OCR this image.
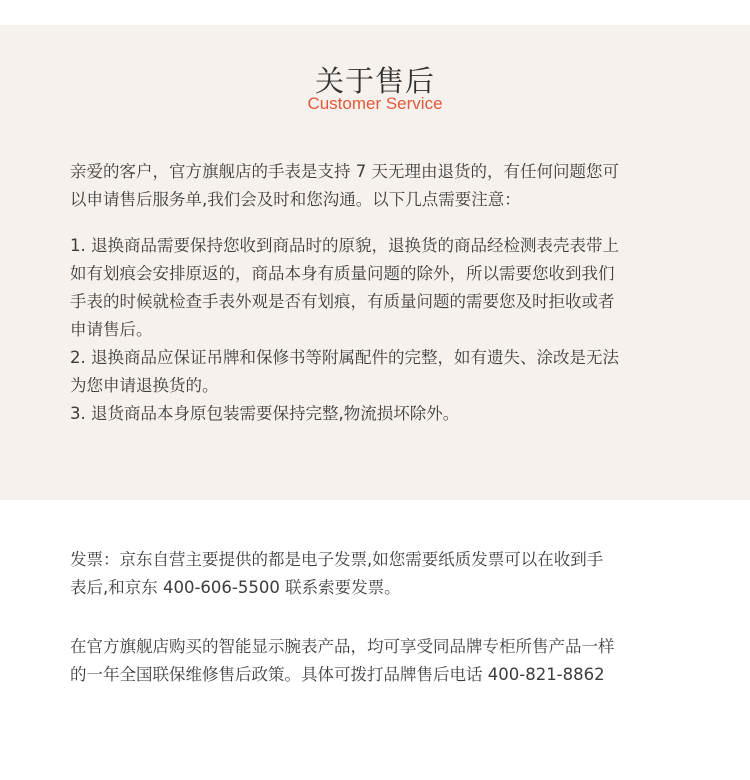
关于售后
Customer Service

亲爱的客户，官方旗舰店的手表是支持 7 天无理由退货的，有任何问题您可
以申请售后服务单,我们会及时和您沟通。以下几点需要注意：

1. 退换商品需要保持您收到商品时的原貌，退换货的商品经检测表壳表带上
如有划痕会安排原返的，商品本身有质量问题的除外，所以需要您收到我们
手表的时候就检查手表外观是否有划痕，有质量问题的需要您及时拒收或者
申请售后。
2. 退换商品应保证吊牌和保修书等附属配件的完整，如有遗失、涂改是无法
为您申请退换货的。
3. 退货商品本身原包装需要保持完整,物流损坏除外。

发票：京东自营主要提供的都是电子发票,如您需要纸质发票可以在收到手
表后,和京东 400-606-5500 联系索要发票。

在官方旗舰店购买的智能显示腕表产品，均可享受同品牌专柜所售产品一样
的一年全国联保维修售后政策。具体可拨打品牌售后电话 400-821-8862
